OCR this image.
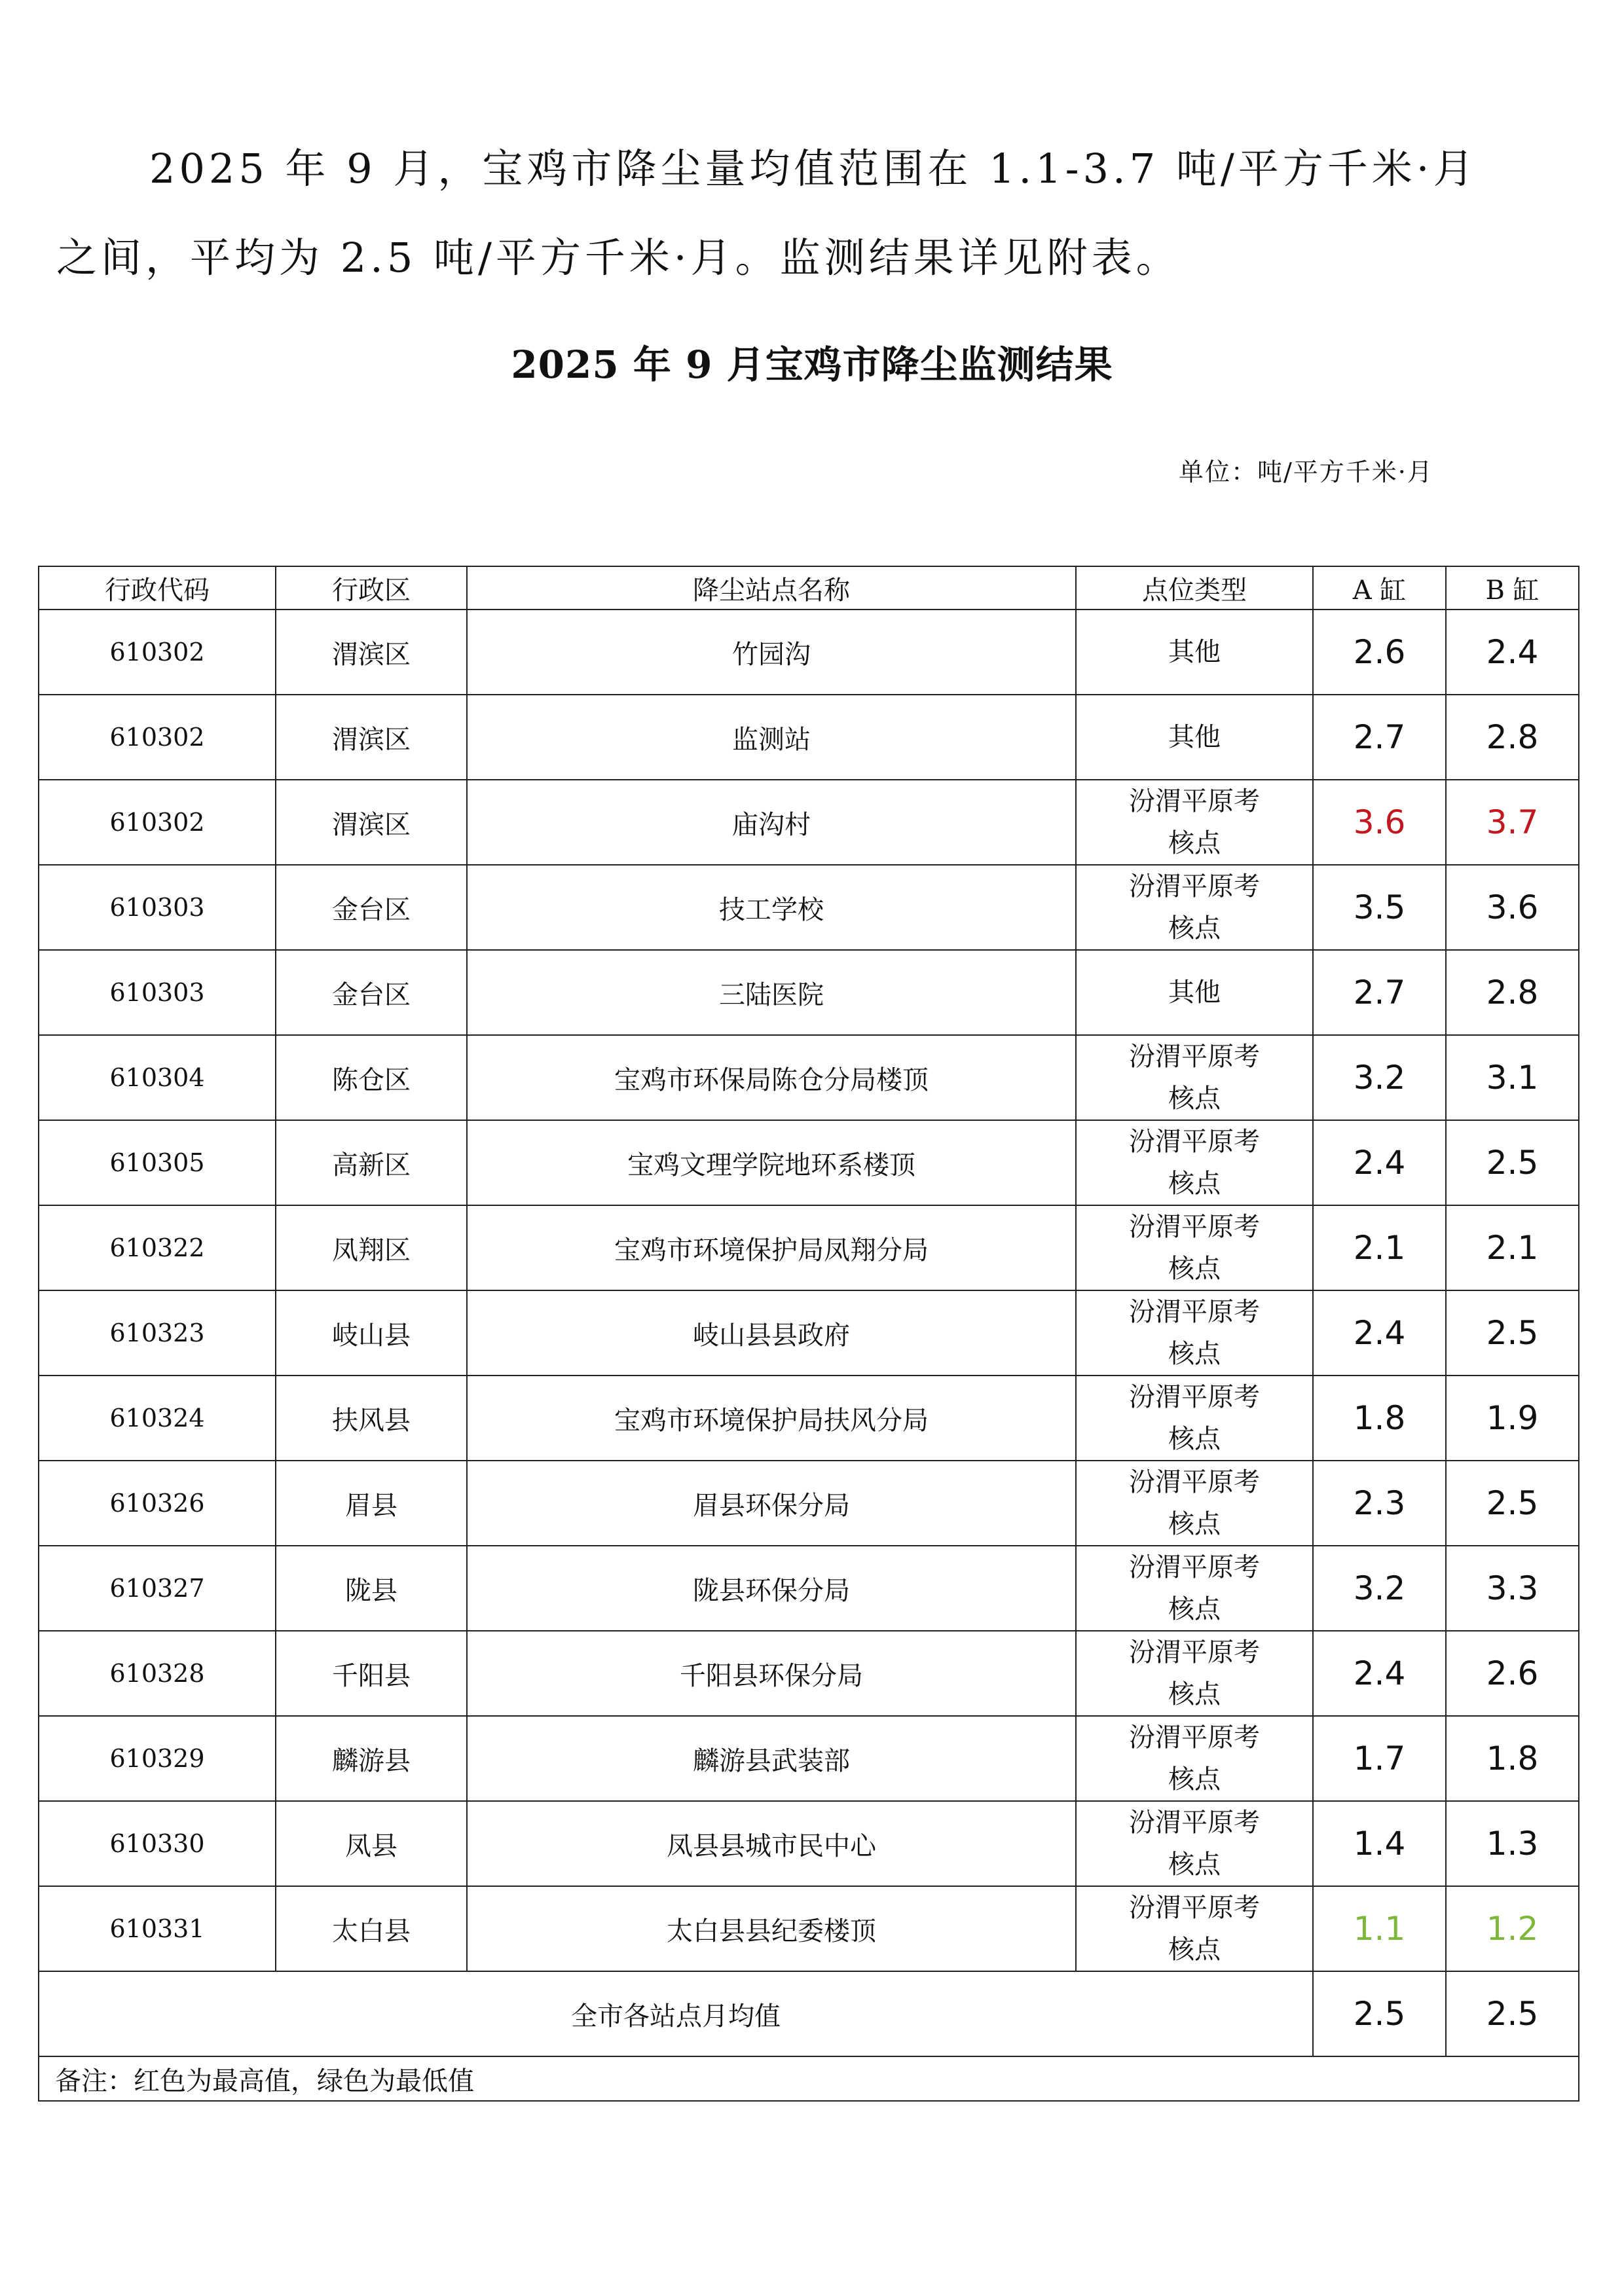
2025 年 9 月，宝鸡市降尘量均值范围在 1.1-3.7 吨/平方千米·月

之间，平均为 2.5 吨/平方千米·月。监测结果详见附表。

2025 年 9 月宝鸡市降尘监测结果
单位：吨/平方千米·月
行政代码	行政区	降尘站点名称	点位类型	A 缸	B 缸
610302	渭滨区	竹园沟	其他	2.6	2.4
610302	渭滨区	监测站	其他	2.7	2.8
610302	渭滨区	庙沟村	汾渭平原考核点	3.6	3.7
610303	金台区	技工学校	汾渭平原考核点	3.5	3.6
610303	金台区	三陆医院	其他	2.7	2.8
610304	陈仓区	宝鸡市环保局陈仓分局楼顶	汾渭平原考核点	3.2	3.1
610305	高新区	宝鸡文理学院地环系楼顶	汾渭平原考核点	2.4	2.5
610322	凤翔区	宝鸡市环境保护局凤翔分局	汾渭平原考核点	2.1	2.1
610323	岐山县	岐山县县政府	汾渭平原考核点	2.4	2.5
610324	扶风县	宝鸡市环境保护局扶风分局	汾渭平原考核点	1.8	1.9
610326	眉县	眉县环保分局	汾渭平原考核点	2.3	2.5
610327	陇县	陇县环保分局	汾渭平原考核点	3.2	3.3
610328	千阳县	千阳县环保分局	汾渭平原考核点	2.4	2.6
610329	麟游县	麟游县武装部	汾渭平原考核点	1.7	1.8
610330	凤县	凤县县城市民中心	汾渭平原考核点	1.4	1.3
610331	太白县	太白县县纪委楼顶	汾渭平原考核点	1.1	1.2
全市各站点月均值				2.5	2.5
备注：红色为最高值，绿色为最低值					
